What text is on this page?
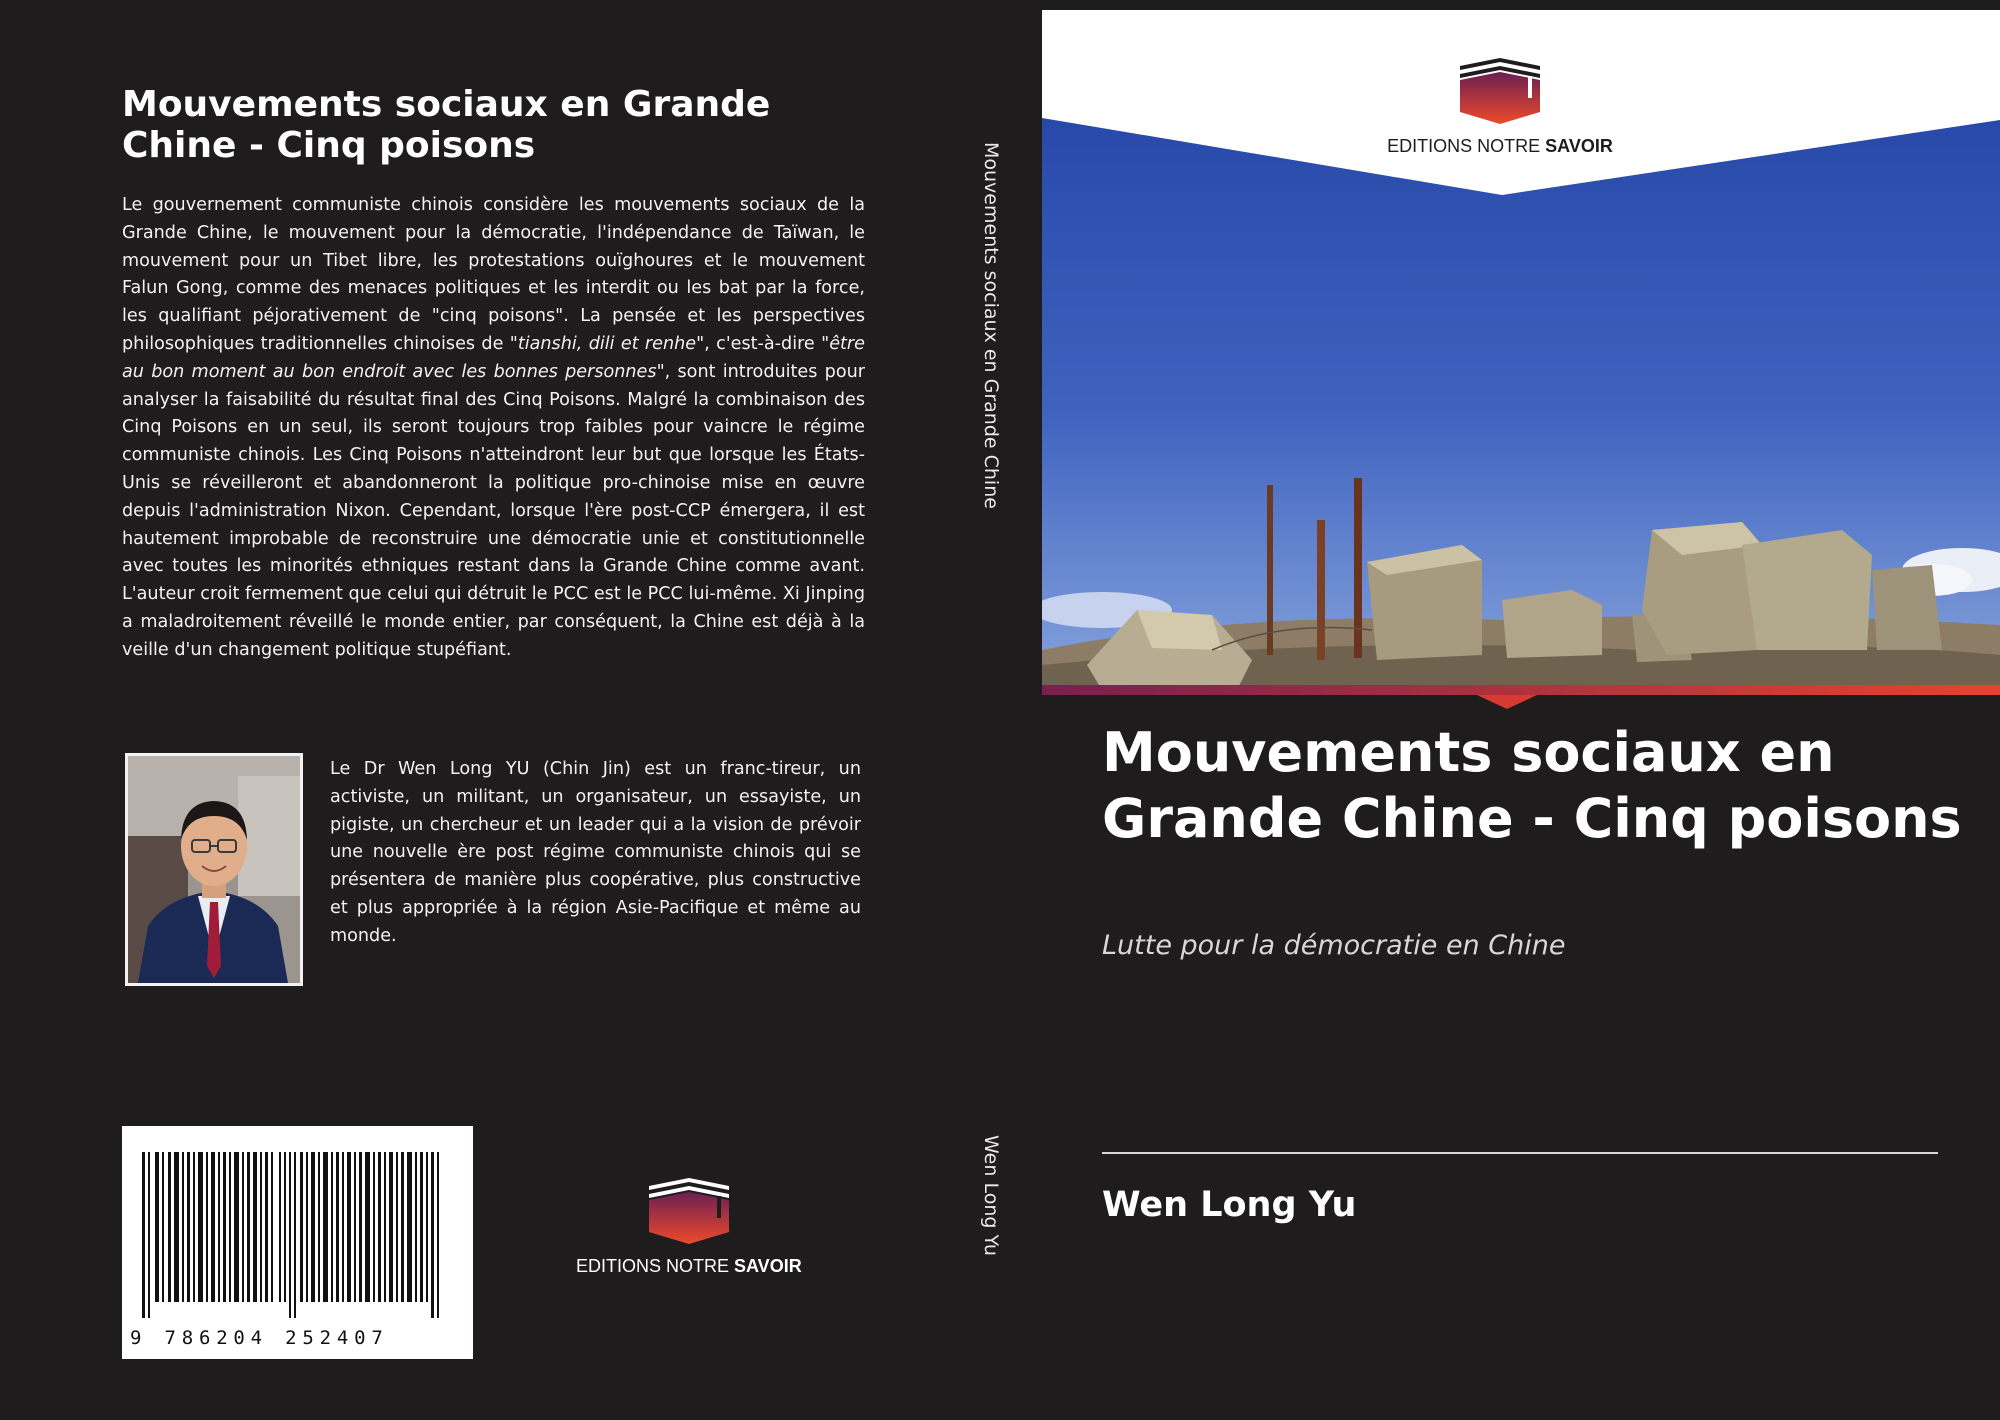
Mouvements sociaux en Grande Chine - Cinq poisons

Le gouvernement communiste chinois considère les mouvements sociaux de la Grande Chine, le mouvement pour la démocratie, l'indépendance de Taïwan, le mouvement pour un Tibet libre, les protestations ouïghoures et le mouvement Falun Gong, comme des menaces politiques et les interdit ou les bat par la force, les qualifiant péjorativement de "cinq poisons". La pensée et les perspectives philosophiques traditionnelles chinoises de "tianshi, dili et renhe", c'est-à-dire "être au bon moment au bon endroit avec les bonnes personnes", sont introduites pour analyser la faisabilité du résultat final des Cinq Poisons. Malgré la combinaison des Cinq Poisons en un seul, ils seront toujours trop faibles pour vaincre le régime communiste chinois. Les Cinq Poisons n'atteindront leur but que lorsque les États-Unis se réveilleront et abandonneront la politique pro-chinoise mise en œuvre depuis l'administration Nixon. Cependant, lorsque l'ère post-CCP émergera, il est hautement improbable de reconstruire une démocratie unie et constitutionnelle avec toutes les minorités ethniques restant dans la Grande Chine comme avant. L'auteur croit fermement que celui qui détruit le PCC est le PCC lui-même. Xi Jinping a maladroitement réveillé le monde entier, par conséquent, la Chine est déjà à la veille d'un changement politique stupéfiant.

Le Dr Wen Long YU (Chin Jin) est un franc-tireur, un activiste, un militant, un organisateur, un essayiste, un pigiste, un chercheur et un leader qui a la vision de prévoir une nouvelle ère post régime communiste chinois qui se présentera de manière plus coopérative, plus constructive et plus appropriée à la région Asie-Pacifique et même au monde.

9 786204 252407
EDITIONS NOTRE SAVOIR
Mouvements sociaux en Grande Chine
Wen Long Yu
EDITIONS NOTRE SAVOIR
Mouvements sociaux en Grande Chine - Cinq poisons

Lutte pour la démocratie en Chine

Wen Long Yu
